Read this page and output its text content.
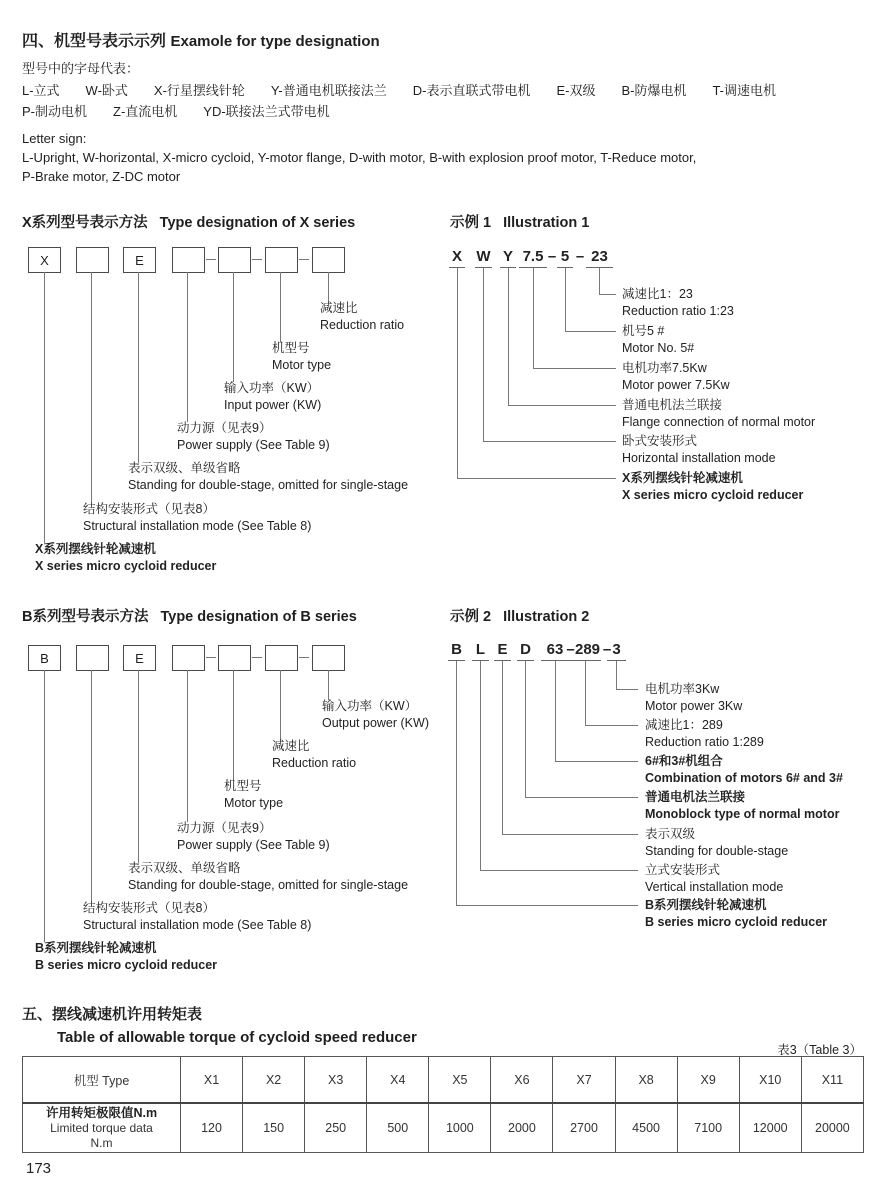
四、机型号表示示列 Examole for type designation
型号中的字母代表：
L-立式　　W-卧式　　X-行星摆线针轮　　Y-普通电机联接法兰　　D-表示直联式带电机　　E-双级　　B-防爆电机　　T-调速电机
P-制动电机　　Z-直流电机　　YD-联接法兰式带电机
Letter sign:
L-Upright, W-horizontal, X-micro cycloid, Y-motor flange, D-with motor, B-with explosion proof motor, T-Reduce motor,
P-Brake motor, Z-DC motor
X系列型号表示方法 Type designation of X series
X	E
减速比
Reduction ratio
机型号
Motor type
输入功率（KW）
Input power (KW)
动力源（见表9）
Power supply (See Table 9)
表示双级、单级省略
Standing for double-stage, omitted for single-stage
结构安装形式（见表8）
Structural installation mode (See Table 8)
X系列摆线针轮减速机
X series micro cycloid reducer
示例 1 Illustration 1
X W Y 7.5 – 5 – 23
减速比1：23
Reduction ratio 1:23
机号5 #
Motor No. 5#
电机功率7.5Kw
Motor power 7.5Kw
普通电机法兰联接
Flange connection of normal motor
卧式安装形式
Horizontal installation mode
X系列摆线针轮减速机
X series micro cycloid reducer
B系列型号表示方法 Type designation of B series
B	E
输入功率（KW）
Output power (KW)
减速比
Reduction ratio
机型号
Motor type
动力源（见表9）
Power supply (See Table 9)
表示双级、单级省略
Standing for double-stage, omitted for single-stage
结构安装形式（见表8）
Structural installation mode (See Table 8)
B系列摆线针轮减速机
B series micro cycloid reducer
示例 2 Illustration 2
B L E D	63 – 289 – 3
电机功率3Kw
Motor power 3Kw
减速比1：289
Reduction ratio 1:289
6#和3#机组合
Combination of motors 6# and 3#
普通电机法兰联接
Monoblock type of normal motor
表示双级
Standing for double-stage
立式安装形式
Vertical installation mode
B系列摆线针轮减速机
B series micro cycloid reducer
五、摆线减速机许用转矩表
Table of allowable torque of cycloid speed reducer
表3（Table 3）
机型 Type	X1	X2	X3	X4	X5	X6	X7	X8	X9	X10	X11

许用转矩极限值N.m
Limited torque data
N.m	120	150	250	500	1000	2000	2700	4500	7100	12000	20000
173
